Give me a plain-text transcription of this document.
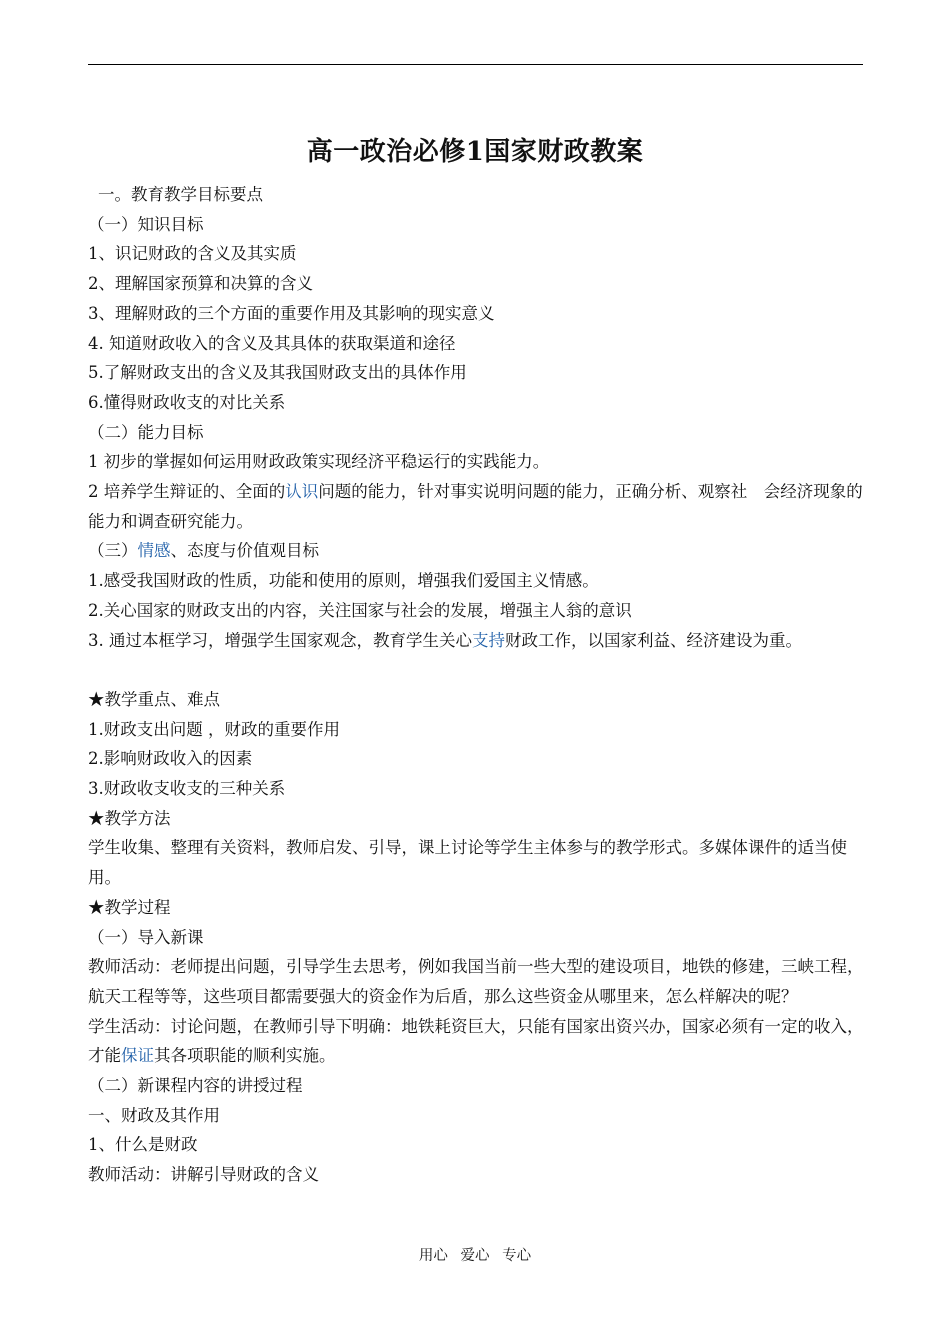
高一政治必修1国家财政教案
一。教育教学目标要点
（一）知识目标
1、识记财政的含义及其实质
2、理解国家预算和决算的含义
3、理解财政的三个方面的重要作用及其影响的现实意义
4. 知道财政收入的含义及其具体的获取渠道和途径
5.了解财政支出的含义及其我国财政支出的具体作用
6.懂得财政收支的对比关系
（二）能力目标
1 初步的掌握如何运用财政政策实现经济平稳运行的实践能力。
2 培养学生辩证的、全面的认识问题的能力，针对事实说明问题的能力，正确分析、观察社　会经济现象的能力和调查研究能力。
（三）情感、态度与价值观目标
1.感受我国财政的性质，功能和使用的原则，增强我们爱国主义情感。
2.关心国家的财政支出的内容，关注国家与社会的发展，增强主人翁的意识
3. 通过本框学习，增强学生国家观念，教育学生关心支持财政工作，以国家利益、经济建设为重。
★教学重点、难点
1.财政支出问题 ，财政的重要作用
2.影响财政收入的因素
3.财政收支收支的三种关系
★教学方法
学生收集、整理有关资料，教师启发、引导，课上讨论等学生主体参与的教学形式。多媒体课件的适当使用。
★教学过程
（一）导入新课
教师活动：老师提出问题，引导学生去思考，例如我国当前一些大型的建设项目，地铁的修建，三峡工程，航天工程等等，这些项目都需要强大的资金作为后盾，那么这些资金从哪里来，怎么样解决的呢？
学生活动：讨论问题，在教师引导下明确：地铁耗资巨大，只能有国家出资兴办，国家必须有一定的收入，才能保证其各项职能的顺利实施。
（二）新课程内容的讲授过程
一、财政及其作用
1、什么是财政
教师活动：讲解引导财政的含义
用心 爱心 专心
